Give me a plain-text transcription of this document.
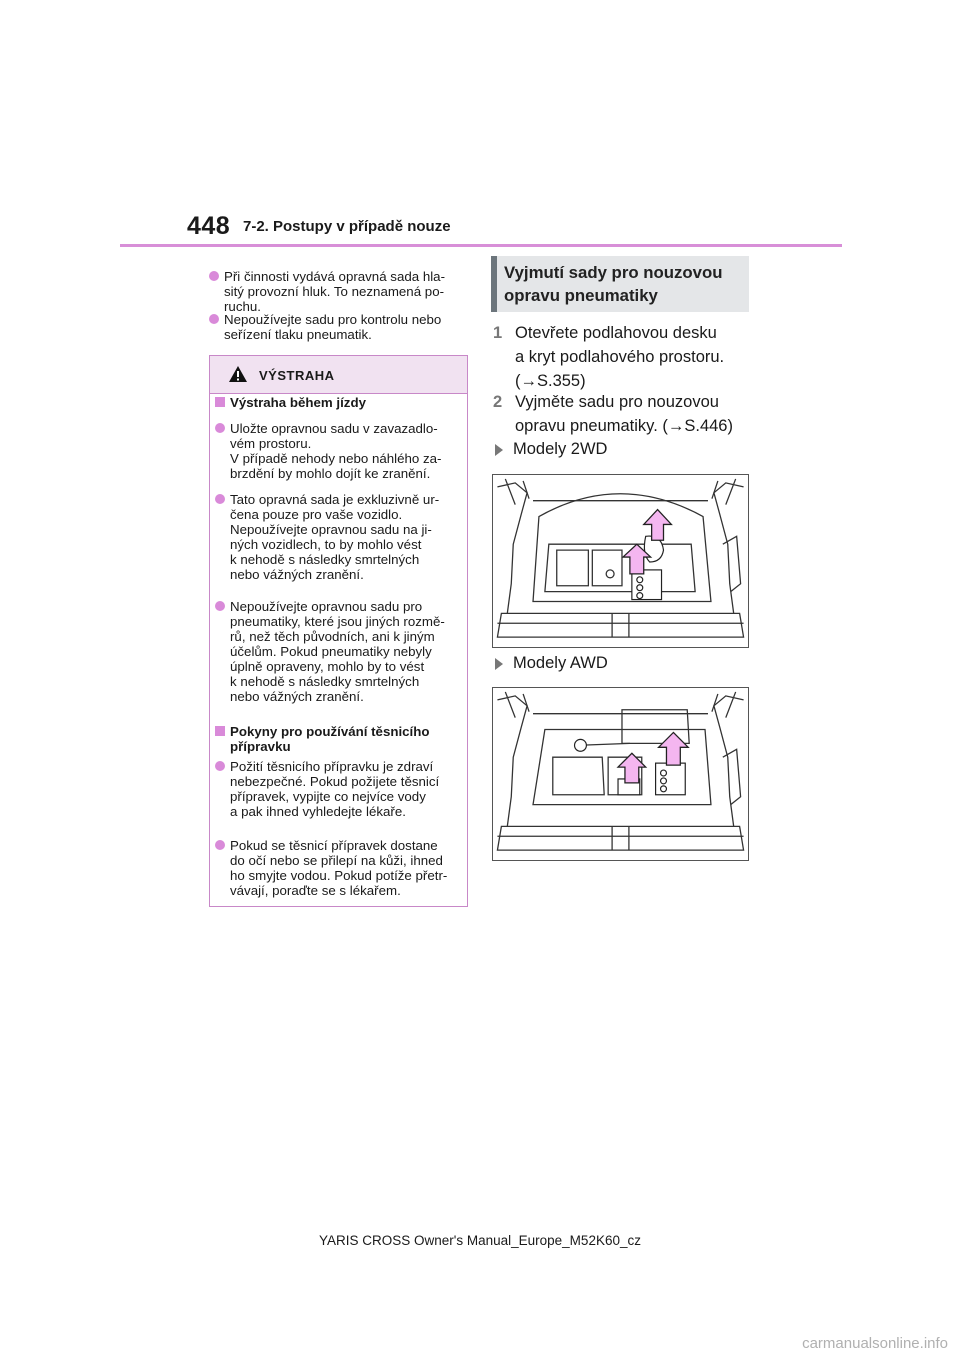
448 7-2. Postupy v případě nouze
Při činnosti vydává opravná sada hla-
sitý provozní hluk. To neznamená po-
ruchu.
Nepoužívejte sadu pro kontrolu nebo
seřízení tlaku pneumatik.
VÝSTRAHA
Výstraha během jízdy
Uložte opravnou sadu v zavazadlo-
vém prostoru.
V případě nehody nebo náhlého za-
brzdění by mohlo dojít ke zranění.
Tato opravná sada je exkluzivně ur-
čena pouze pro vaše vozidlo.
Nepoužívejte opravnou sadu na ji-
ných vozidlech, to by mohlo vést
k nehodě s následky smrtelných
nebo vážných zranění.
Nepoužívejte opravnou sadu pro
pneumatiky, které jsou jiných rozmě-
rů, než těch původních, ani k jiným
účelům. Pokud pneumatiky nebyly
úplně opraveny, mohlo by to vést
k nehodě s následky smrtelných
nebo vážných zranění.
Pokyny pro používání těsnicího
přípravku
Požití těsnicího přípravku je zdraví
nebezpečné. Pokud požijete těsnicí
přípravek, vypijte co nejvíce vody
a pak ihned vyhledejte lékaře.
Pokud se těsnicí přípravek dostane
do očí nebo se přilepí na kůži, ihned
ho smyjte vodou. Pokud potíže přetr-
vávají, poraďte se s lékařem.
Vyjmutí sady pro nouzovou
opravu pneumatiky
1 Otevřete podlahovou desku
a kryt podlahového prostoru.
(→S.355)
2 Vyjměte sadu pro nouzovou
opravu pneumatiky. (→S.446)
Modely 2WD
Modely AWD
YARIS CROSS Owner's Manual_Europe_M52K60_cz
carmanualsonline.info
